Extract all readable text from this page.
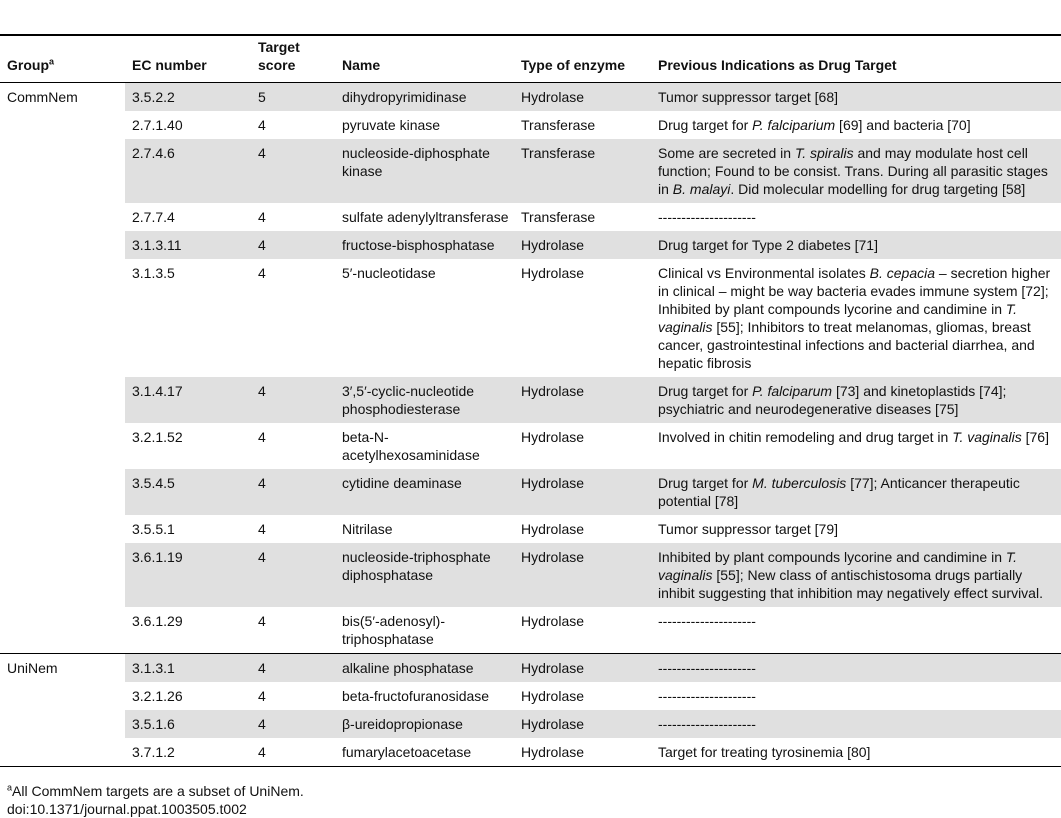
Group$^a$	EC number	Target score	Name	Type of enzyme	Previous Indications as Drug Target
CommNem	3.5.2.2	5	dihydropyrimidinase	Hydrolase	Tumor suppressor target [68]
	2.7.1.40	4	pyruvate kinase	Transferase	Drug target for P. falciparium [69] and bacteria [70]
	2.7.4.6	4	nucleoside-diphosphate kinase	Transferase	Some are secreted in T. spiralis and may modulate host cell function; Found to be consist. Trans. During all parasitic stages in B. malayi. Did molecular modelling for drug targeting [58]
	2.7.7.4	4	sulfate adenylyltransferase	Transferase	---------------------
	3.1.3.11	4	fructose-bisphosphatase	Hydrolase	Drug target for Type 2 diabetes [71]
	3.1.3.5	4	5′-nucleotidase	Hydrolase	Clinical vs Environmental isolates B. cepacia – secretion higher in clinical – might be way bacteria evades immune system [72]; Inhibited by plant compounds lycorine and candimine in T. vaginalis [55]; Inhibitors to treat melanomas, gliomas, breast cancer, gastrointestinal infections and bacterial diarrhea, and hepatic fibrosis
	3.1.4.17	4	3′,5′-cyclic-nucleotide phosphodiesterase	Hydrolase	Drug target for P. falciparum [73] and kinetoplastids [74]; psychiatric and neurodegenerative diseases [75]
	3.2.1.52	4	beta-N-acetylhexosaminidase	Hydrolase	Involved in chitin remodeling and drug target in T. vaginalis [76]
	3.5.4.5	4	cytidine deaminase	Hydrolase	Drug target for M. tuberculosis [77]; Anticancer therapeutic potential [78]
	3.5.5.1	4	Nitrilase	Hydrolase	Tumor suppressor target [79]
	3.6.1.19	4	nucleoside-triphosphate diphosphatase	Hydrolase	Inhibited by plant compounds lycorine and candimine in T. vaginalis [55]; New class of antischistosoma drugs partially inhibit suggesting that inhibition may negatively effect survival.
	3.6.1.29	4	bis(5′-adenosyl)-triphosphatase	Hydrolase	---------------------
UniNem	3.1.3.1	4	alkaline phosphatase	Hydrolase	---------------------
	3.2.1.26	4	beta-fructofuranosidase	Hydrolase	---------------------
	3.5.1.6	4	β-ureidopropionase	Hydrolase	---------------------
	3.7.1.2	4	fumarylacetoacetase	Hydrolase	Target for treating tyrosinemia [80]
$^a$All CommNem targets are a subset of UniNem.
doi:10.1371/journal.ppat.1003505.t002
